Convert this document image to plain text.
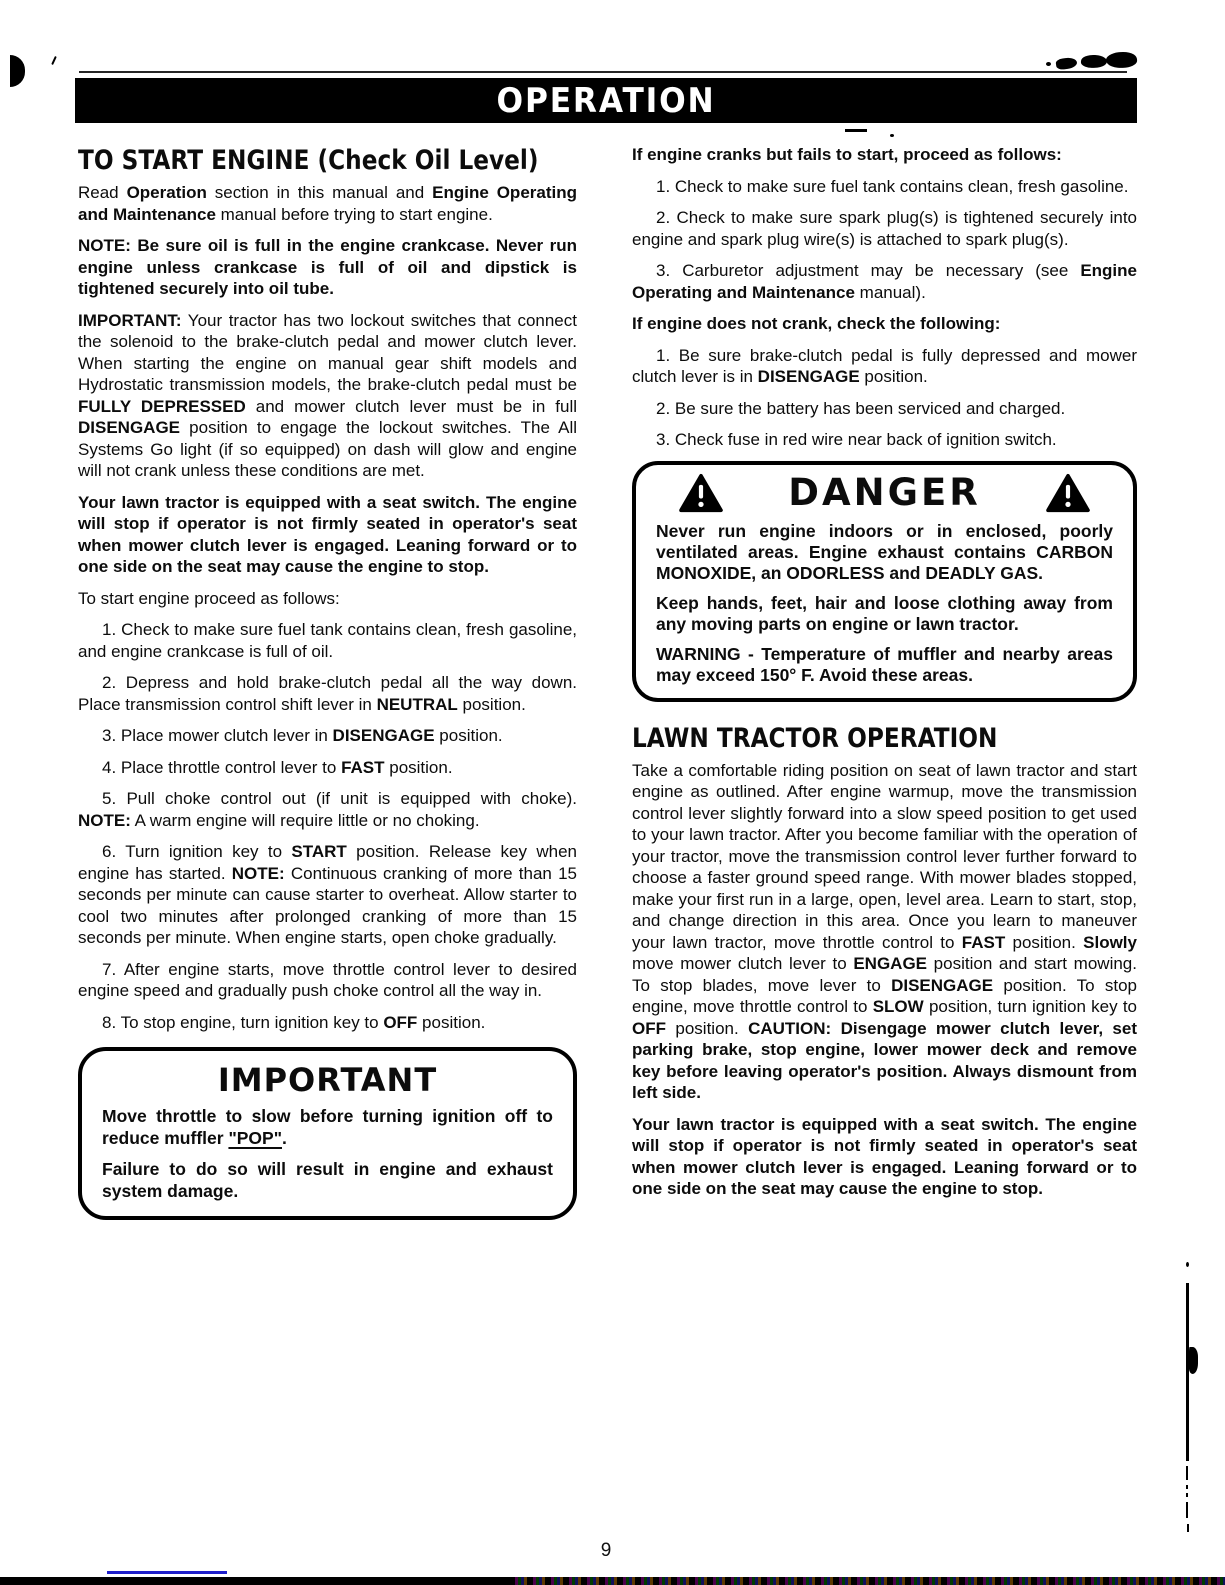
OPERATION
TO START ENGINE (Check Oil Level)

Read Operation section in this manual and Engine Operating and Maintenance manual before trying to start engine.

NOTE: Be sure oil is full in the engine crankcase. Never run engine unless crankcase is full of oil and dipstick is tightened securely into oil tube.

IMPORTANT: Your tractor has two lockout switches that connect the solenoid to the brake-clutch pedal and mower clutch lever. When starting the engine on manual gear shift models and Hydrostatic transmission models, the brake-clutch pedal must be FULLY DEPRESSED and mower clutch lever must be in full DISENGAGE position to engage the lockout switches. The All Systems Go light (if so equipped) on dash will glow and engine will not crank unless these conditions are met.

Your lawn tractor is equipped with a seat switch. The engine will stop if operator is not firmly seated in operator's seat when mower clutch lever is engaged. Leaning forward or to one side on the seat may cause the engine to stop.

To start engine proceed as follows:

1. Check to make sure fuel tank contains clean, fresh gasoline, and engine crankcase is full of oil.

2. Depress and hold brake-clutch pedal all the way down. Place transmission control shift lever in NEUTRAL position.

3. Place mower clutch lever in DISENGAGE position.

4. Place throttle control lever to FAST position.

5. Pull choke control out (if unit is equipped with choke). NOTE: A warm engine will require little or no choking.

6. Turn ignition key to START position. Release key when engine has started. NOTE: Continuous cranking of more than 15 seconds per minute can cause starter to overheat. Allow starter to cool two minutes after prolonged cranking of more than 15 seconds per minute. When engine starts, open choke gradually.

7. After engine starts, move throttle control lever to desired engine speed and gradually push choke control all the way in.

8. To stop engine, turn ignition key to OFF position.

IMPORTANT

Move throttle to slow before turning ignition off to reduce muffler "POP".

Failure to do so will result in engine and exhaust system damage.

If engine cranks but fails to start, proceed as follows:

1. Check to make sure fuel tank contains clean, fresh gasoline.

2. Check to make sure spark plug(s) is tightened securely into engine and spark plug wire(s) is attached to spark plug(s).

3. Carburetor adjustment may be necessary (see Engine Operating and Maintenance manual).

If engine does not crank, check the following:

1. Be sure brake-clutch pedal is fully depressed and mower clutch lever is in DISENGAGE position.

2. Be sure the battery has been serviced and charged.

3. Check fuse in red wire near back of ignition switch.

DANGER

Never run engine indoors or in enclosed, poorly ventilated areas. Engine exhaust contains CARBON MONOXIDE, an ODORLESS and DEADLY GAS.

Keep hands, feet, hair and loose clothing away from any moving parts on engine or lawn tractor.

WARNING - Temperature of muffler and nearby areas may exceed 150° F. Avoid these areas.

LAWN TRACTOR OPERATION

Take a comfortable riding position on seat of lawn tractor and start engine as outlined. After engine warmup, move the transmission control lever slightly forward into a slow speed position to get used to your lawn tractor. After you become familiar with the operation of your tractor, move the transmission control lever further forward to choose a faster ground speed range. With mower blades stopped, make your first run in a large, open, level area. Learn to start, stop, and change direction in this area. Once you learn to maneuver your lawn tractor, move throttle control to FAST position. Slowly move mower clutch lever to ENGAGE position and start mowing. To stop blades, move lever to DISENGAGE position. To stop engine, move throttle control to SLOW position, turn ignition key to OFF position. CAUTION: Disengage mower clutch lever, set parking brake, stop engine, lower mower deck and remove key before leaving operator's position. Always dismount from left side.

Your lawn tractor is equipped with a seat switch. The engine will stop if operator is not firmly seated in operator's seat when mower clutch lever is engaged. Leaning forward or to one side on the seat may cause the engine to stop.

9
